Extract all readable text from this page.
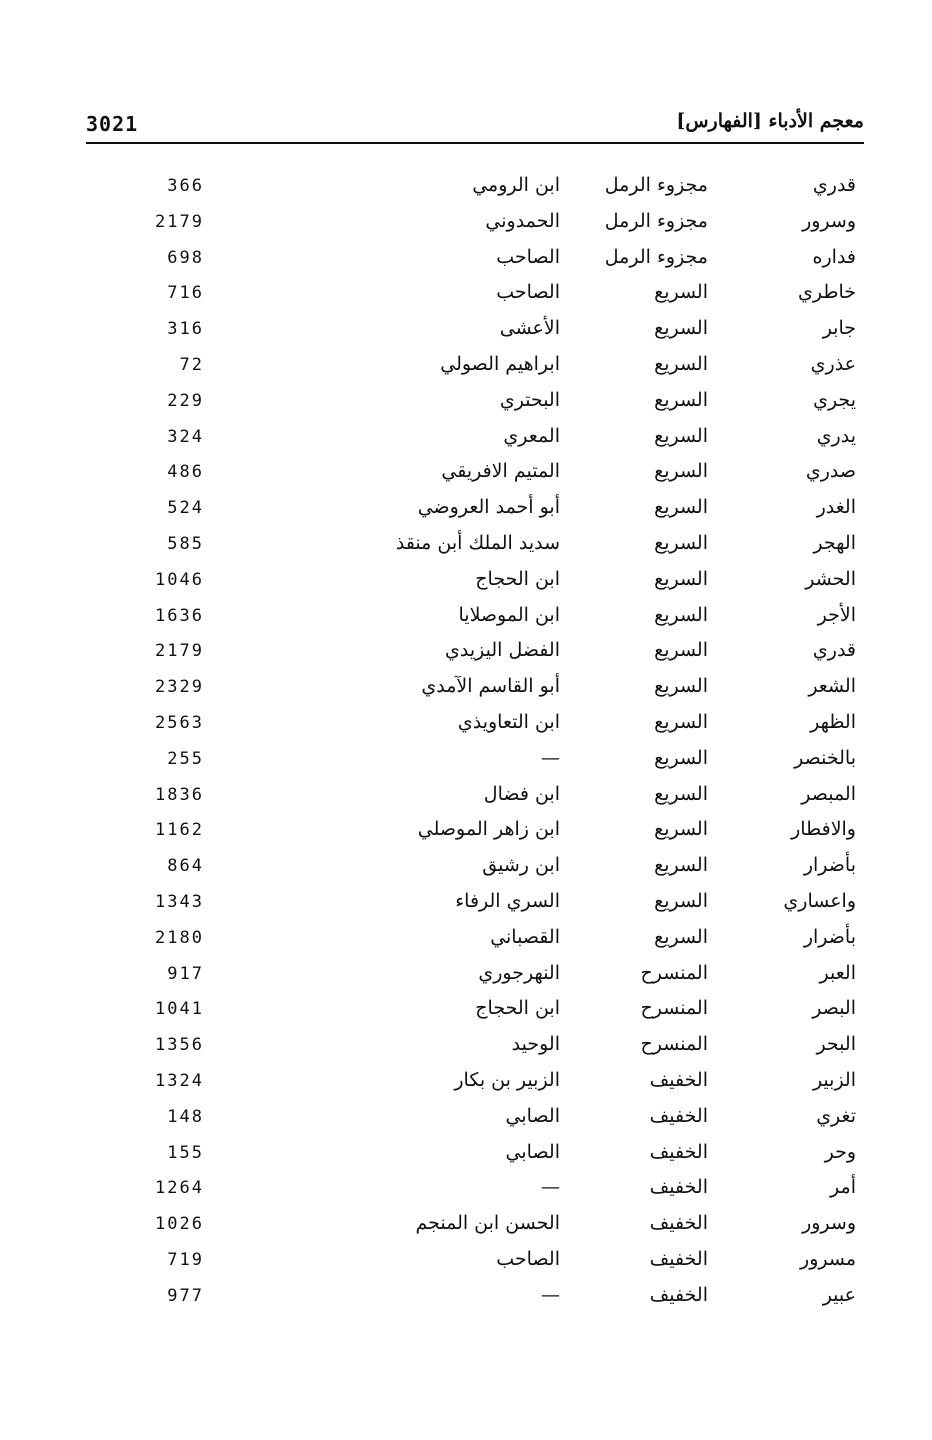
3021	معجم الأدباء [الفهارس]
قدري
مجزوء الرمل
ابن الرومي
366
وسرور
مجزوء الرمل
الحمدوني
2179
فداره
مجزوء الرمل
الصاحب
698
خاطري
السريع
الصاحب
716
جابر
السريع
الأعشى
316
عذري
السريع
ابراهيم الصولي
72
يجري
السريع
البحتري
229
يدري
السريع
المعري
324
صدري
السريع
المتيم الافريقي
486
الغدر
السريع
أبو أحمد العروضي
524
الهجر
السريع
سديد الملك أبن منقذ
585
الحشر
السريع
ابن الحجاج
1046
الأجر
السريع
ابن الموصلايا
1636
قدري
السريع
الفضل اليزيدي
2179
الشعر
السريع
أبو القاسم الآمدي
2329
الظهر
السريع
ابن التعاويذي
2563
بالخنصر
السريع
—
255
المبصر
السريع
ابن فضال
1836
والافطار
السريع
ابن زاهر الموصلي
1162
بأضرار
السريع
ابن رشيق
864
واعساري
السريع
السري الرفاء
1343
بأضرار
السريع
القصباني
2180
العبر
المنسرح
النهرجوري
917
البصر
المنسرح
ابن الحجاج
1041
البحر
المنسرح
الوحيد
1356
الزبير
الخفيف
الزبير بن بكار
1324
تغري
الخفيف
الصابي
148
وحر
الخفيف
الصابي
155
أمر
الخفيف
—
1264
وسرور
الخفيف
الحسن ابن المنجم
1026
مسرور
الخفيف
الصاحب
719
عبير
الخفيف
—
977
